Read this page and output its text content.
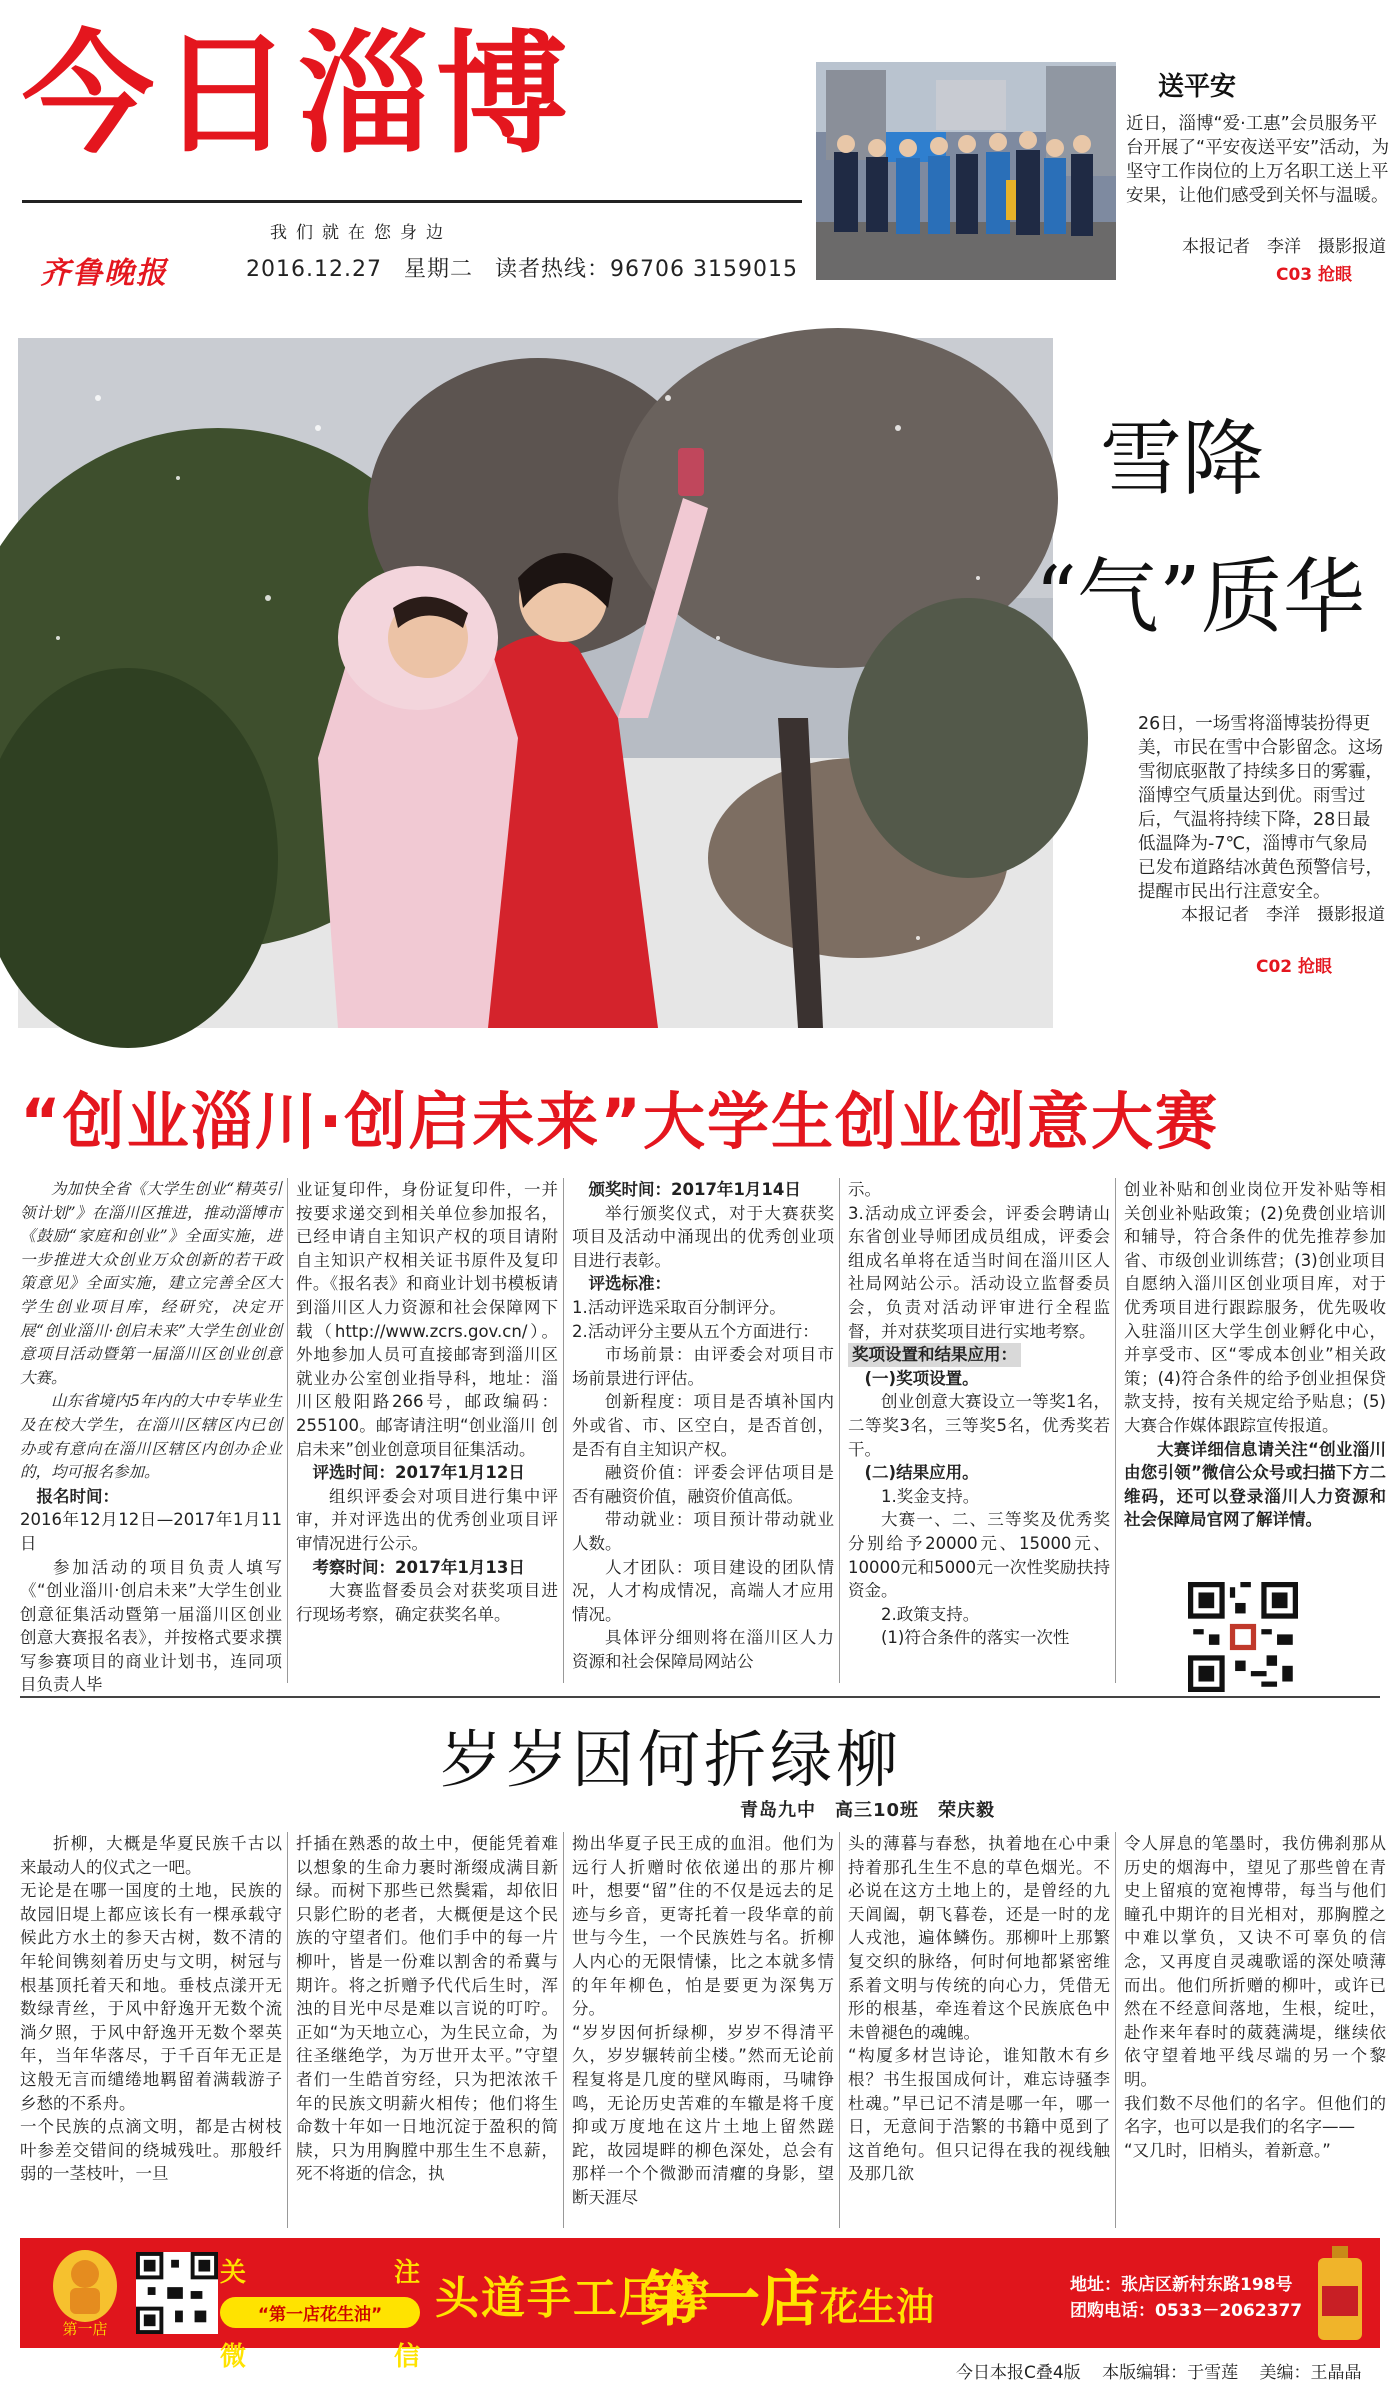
今日淄博
我们就在您身边
齐鲁晚报	2016.12.27 星期二 读者热线：96706 3159015
送平安
近日，淄博“爱·工惠”会员服务平台开展了“平安夜送平安”活动，为坚守工作岗位的上万名职工送上平安果，让他们感受到关怀与温暖。
本报记者　李洋　摄影报道
C03 抢眼
雪降
“气”质华
26日，一场雪将淄博装扮得更美，市民在雪中合影留念。这场雪彻底驱散了持续多日的雾霾，淄博空气质量达到优。雨雪过后，气温将持续下降，28日最低温降为-7℃，淄博市气象局已发布道路结冰黄色预警信号，提醒市民出行注意安全。
本报记者　李洋　摄影报道
C02 抢眼
“创业淄川·创启未来”大学生创业创意大赛

为加快全省《大学生创业“精英引领计划”》在淄川区推进，推动淄博市《鼓励“家庭和创业”》全面实施，进一步推进大众创业万众创新的若干政策意见》全面实施，建立完善全区大学生创业项目库，经研究，决定开展“创业淄川·创启未来”大学生创业创意项目活动暨第一届淄川区创业创意大赛。

山东省境内5年内的大中专毕业生及在校大学生，在淄川区辖区内已创办或有意向在淄川区辖区内创办企业的，均可报名参加。

报名时间：

2016年12月12日—2017年1月11日

参加活动的项目负责人填写《“创业淄川·创启未来”大学生创业创意征集活动暨第一届淄川区创业创意大赛报名表》，并按格式要求撰写参赛项目的商业计划书，连同项目负责人毕

业证复印件，身份证复印件，一并按要求递交到相关单位参加报名，已经申请自主知识产权的项目请附自主知识产权相关证书原件及复印件。《报名表》和商业计划书模板请到淄川区人力资源和社会保障网下载（http://www.zcrs.gov.cn/）。外地参加人员可直接邮寄到淄川区就业办公室创业指导科，地址：淄川区般阳路266号，邮政编码：255100。邮寄请注明“创业淄川 创启未来”创业创意项目征集活动。

评选时间：2017年1月12日

组织评委会对项目进行集中评审，并对评选出的优秀创业项目评审情况进行公示。

考察时间：2017年1月13日

大赛监督委员会对获奖项目进行现场考察，确定获奖名单。

颁奖时间：2017年1月14日

举行颁奖仪式，对于大赛获奖项目及活动中涌现出的优秀创业项目进行表彰。

评选标准：

1.活动评选采取百分制评分。

2.活动评分主要从五个方面进行：

市场前景：由评委会对项目市场前景进行评估。

创新程度：项目是否填补国内外或省、市、区空白，是否首创，是否有自主知识产权。

融资价值：评委会评估项目是否有融资价值，融资价值高低。

带动就业：项目预计带动就业人数。

人才团队：项目建设的团队情况，人才构成情况，高端人才应用情况。

具体评分细则将在淄川区人力资源和社会保障局网站公

示。

3.活动成立评委会，评委会聘请山东省创业导师团成员组成，评委会组成名单将在适当时间在淄川区人社局网站公示。活动设立监督委员会，负责对活动评审进行全程监督，并对获奖项目进行实地考察。

奖项设置和结果应用：

(一)奖项设置。

创业创意大赛设立一等奖1名，二等奖3名，三等奖5名，优秀奖若干。

(二)结果应用。

1.奖金支持。

大赛一、二、三等奖及优秀奖分别给予20000元、15000元、10000元和5000元一次性奖励扶持资金。

2.政策支持。

(1)符合条件的落实一次性

创业补贴和创业岗位开发补贴等相关创业补贴政策；(2)免费创业培训和辅导，符合条件的优先推荐参加省、市级创业训练营；(3)创业项目自愿纳入淄川区创业项目库，对于优秀项目进行跟踪服务，优先吸收入驻淄川区大学生创业孵化中心，并享受市、区“零成本创业”相关政策；(4)符合条件的给予创业担保贷款支持，按有关规定给予贴息；(5)大赛合作媒体跟踪宣传报道。

大赛详细信息请关注“创业淄川由您引领”微信公众号或扫描下方二维码，还可以登录淄川人力资源和社会保障局官网了解详情。

岁岁因何折绿柳
青岛九中　高三10班　荣庆毅
折柳，大概是华夏民族千古以来最动人的仪式之一吧。
无论是在哪一国度的土地，民族的故园旧堤上都应该长有一棵承载守候此方水土的参天古树，数不清的年轮间镌刻着历史与文明，树冠与根基顶托着天和地。垂枝点漾开无数绿青丝，于风中舒逸开无数个流淌夕照，于风中舒逸开无数个翠英年，当年华落尽，于千百年无正是这般无言而缱绻地羁留着满载游子乡愁的不系舟。
一个民族的点滴文明，都是古树枝叶参差交错间的绕城残吐。那般纤弱的一茎枝叶，一旦
扦插在熟悉的故土中，便能凭着难以想象的生命力裹时渐缀成满目新绿。而树下那些已然鬓霜，却依旧只影伫盼的老者，大概便是这个民族的守望者们。他们手中的每一片柳叶，皆是一份难以割舍的希冀与期许。将之折赠予代代后生时，浑浊的目光中尽是难以言说的叮咛。正如“为天地立心，为生民立命，为往圣继绝学，为万世开太平。”守望者们一生皓首穷经，只为把浓浓千年的民族文明薪火相传；他们将生命数十年如一日地沉淀于盈积的简牍，只为用胸膛中那生生不息薪，死不将逝的信念，执
拗出华夏子民王成的血泪。他们为远行人折赠时依依递出的那片柳叶，想要“留”住的不仅是远去的足迹与乡音，更寄托着一段华章的前世与今生，一个民族姓与名。折柳人内心的无限情愫，比之本就多情的年年柳色，怕是要更为深隽万分。
“岁岁因何折绿柳，岁岁不得清平久，岁岁辗转前尘楼。”然而无论前程复将是几度的壁风晦雨，马啸铮鸣，无论历史苦难的车辙是将千度抑或万度地在这片土地上留然蹉跎，故园堤畔的柳色深处，总会有那样一个个微渺而清癯的身影，望断天涯尽
头的薄暮与春愁，执着地在心中秉持着那孔生生不息的草色烟光。不必说在这方土地上的，是曾经的九天阊阖，朝飞暮卷，还是一时的龙人戎池，遍体鳞伤。那柳叶上那繁复交织的脉络，何时何地都紧密维系着文明与传统的向心力，凭借无形的根基，牵连着这个民族底色中未曾褪色的魂魄。
“构厦多材岂诗论，谁知散木有乡根？书生报国成何计，难忘诗骚李杜魂。”早已记不清是哪一年，哪一日，无意间于浩繁的书籍中觅到了这首绝句。但只记得在我的视线触及那几欲
令人屏息的笔墨时，我仿佛刹那从历史的烟海中，望见了那些曾在青史上留痕的宽袍博带，每当与他们瞳孔中期许的目光相对，那胸膛之中难以掌负，又诀不可辜负的信念，又再度自灵魂歌谣的深处喷薄而出。他们所折赠的柳叶，或许已然在不经意间落地，生根，绽吐，赴作来年春时的葳蕤满堤，继续依依守望着地平线尽端的另一个黎明。
我们数不尽他们的名字。但他们的名字，也可以是我们的名字——
“又几时，旧梢头，着新意。”
第一店
关	注
“第一店花生油”
微	信
头道手工压榨
第一店花生油	地址：张店区新村东路198号
团购电话：0533－2062377
今日本报C叠4版 本版编辑：于雪莲 美编：王晶晶
